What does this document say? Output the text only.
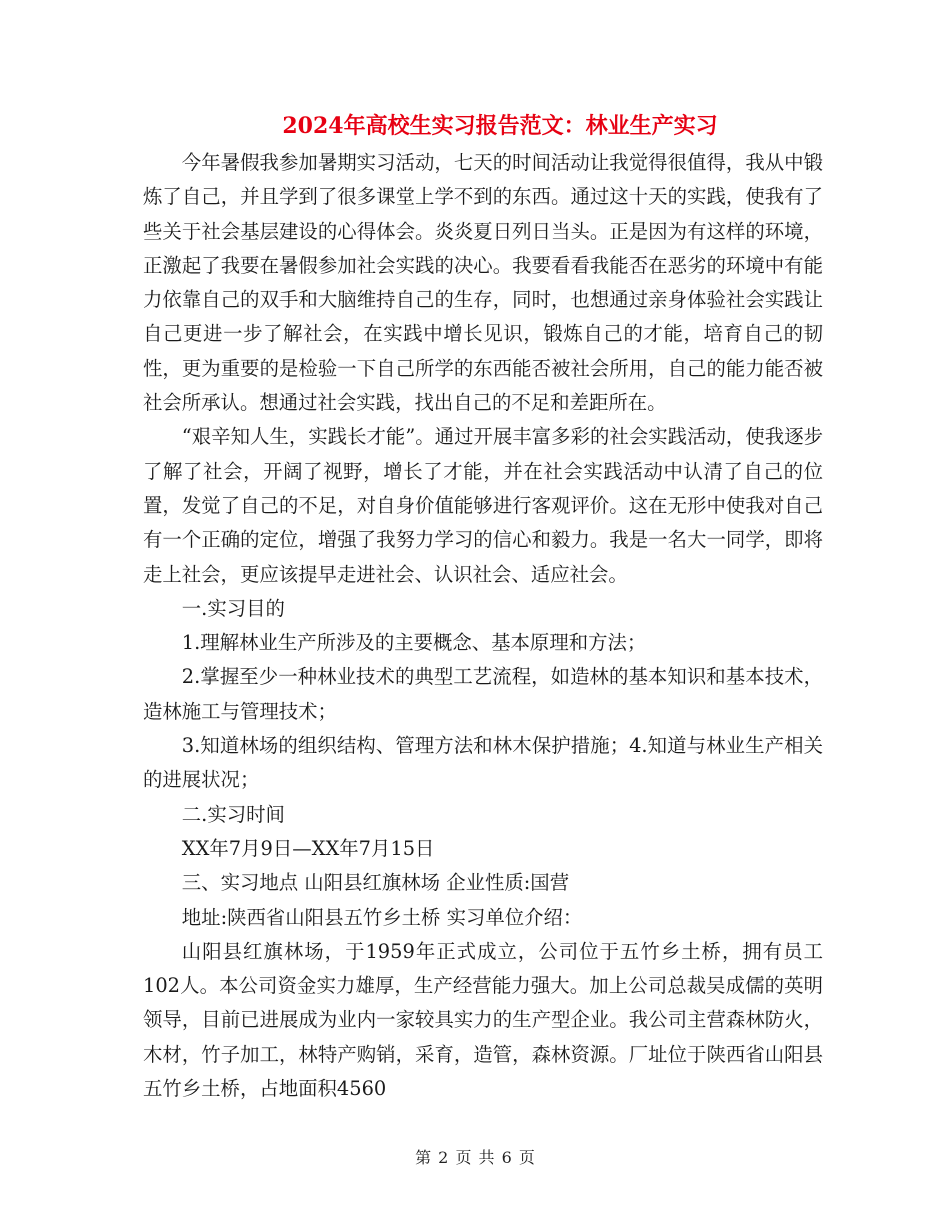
2024年高校生实习报告范文：林业生产实习

今年暑假我参加暑期实习活动，七天的时间活动让我觉得很值得，我从中锻炼了自己，并且学到了很多课堂上学不到的东西。通过这十天的实践，使我有了些关于社会基层建设的心得体会。炎炎夏日列日当头。正是因为有这样的环境，正激起了我要在暑假参加社会实践的决心。我要看看我能否在恶劣的环境中有能力依靠自己的双手和大脑维持自己的生存，同时，也想通过亲身体验社会实践让自己更进一步了解社会，在实践中增长见识，锻炼自己的才能，培育自己的韧性，更为重要的是检验一下自己所学的东西能否被社会所用，自己的能力能否被社会所承认。想通过社会实践，找出自己的不足和差距所在。

“艰辛知人生，实践长才能”。通过开展丰富多彩的社会实践活动，使我逐步了解了社会，开阔了视野，增长了才能，并在社会实践活动中认清了自己的位置，发觉了自己的不足，对自身价值能够进行客观评价。这在无形中使我对自己有一个正确的定位，增强了我努力学习的信心和毅力。我是一名大一同学，即将走上社会，更应该提早走进社会、认识社会、适应社会。

一.实习目的

1.理解林业生产所涉及的主要概念、基本原理和方法；

2.掌握至少一种林业技术的典型工艺流程，如造林的基本知识和基本技术，造林施工与管理技术；

3.知道林场的组织结构、管理方法和林木保护措施；4.知道与林业生产相关的进展状况；

二.实习时间

XX年7月9日—XX年7月15日

三、实习地点 山阳县红旗林场 企业性质:国营

地址:陕西省山阳县五竹乡土桥 实习单位介绍：

山阳县红旗林场，于1959年正式成立，公司位于五竹乡土桥，拥有员工102人。本公司资金实力雄厚，生产经营能力强大。加上公司总裁吴成儒的英明领导，目前已进展成为业内一家较具实力的生产型企业。我公司主营森林防火，木材，竹子加工，林特产购销，采育，造管，森林资源。厂址位于陕西省山阳县五竹乡土桥，占地面积4560

第 2 页 共 6 页
